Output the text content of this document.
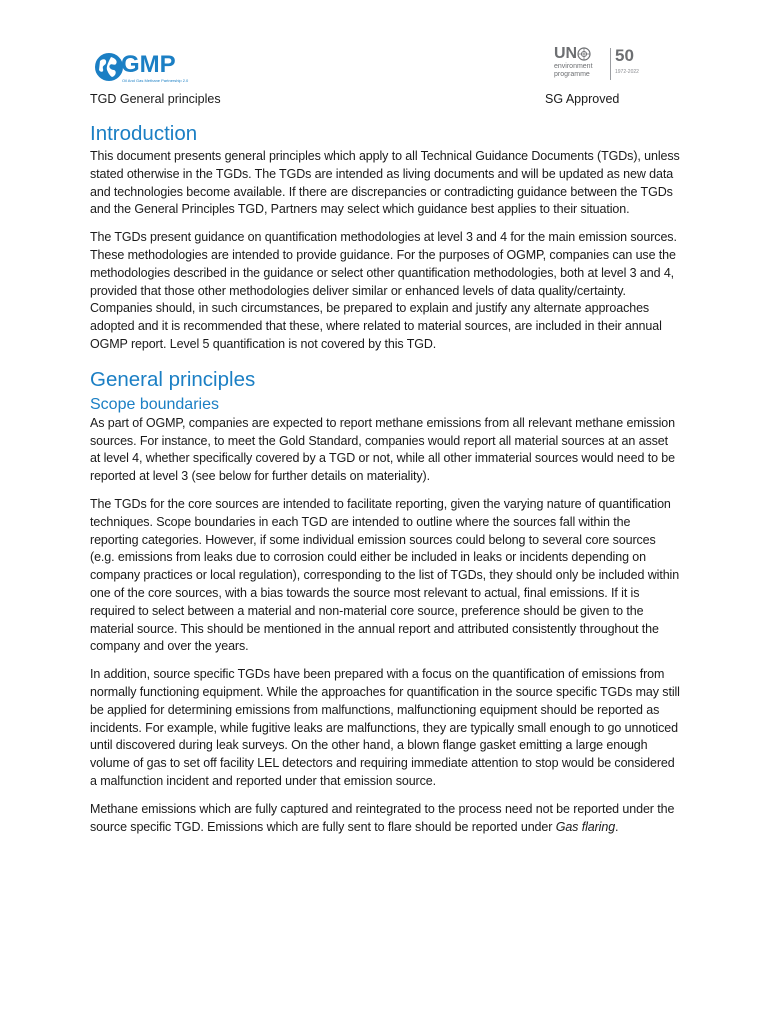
GMP
Oil And Gas Methane Partnership 2.0
UN
environment
programme
50
1972-2022
TGD General principles	SG Approved
Introduction

This document presents general principles which apply to all Technical Guidance Documents (TGDs), unless stated otherwise in the TGDs. The TGDs are intended as living documents and will be updated as new data and technologies become available. If there are discrepancies or contradicting guidance between the TGDs and the General Principles TGD, Partners may select which guidance best applies to their situation.

The TGDs present guidance on quantification methodologies at level 3 and 4 for the main emission sources. These methodologies are intended to provide guidance. For the purposes of OGMP, companies can use the methodologies described in the guidance or select other quantification methodologies, both at level 3 and 4, provided that those other methodologies deliver similar or enhanced levels of data quality/certainty. Companies should, in such circumstances, be prepared to explain and justify any alternate approaches adopted and it is recommended that these, where related to material sources, are included in their annual OGMP report. Level 5 quantification is not covered by this TGD.

General principles
Scope boundaries

As part of OGMP, companies are expected to report methane emissions from all relevant methane emission sources. For instance, to meet the Gold Standard, companies would report all material sources at an asset at level 4, whether specifically covered by a TGD or not, while all other immaterial sources would need to be reported at level 3 (see below for further details on materiality).

The TGDs for the core sources are intended to facilitate reporting, given the varying nature of quantification techniques. Scope boundaries in each TGD are intended to outline where the sources fall within the reporting categories. However, if some individual emission sources could belong to several core sources (e.g. emissions from leaks due to corrosion could either be included in leaks or incidents depending on company practices or local regulation), corresponding to the list of TGDs, they should only be included within one of the core sources, with a bias towards the source most relevant to actual, final emissions. If it is required to select between a material and non-material core source, preference should be given to the material source. This should be mentioned in the annual report and attributed consistently throughout the company and over the years.

In addition, source specific TGDs have been prepared with a focus on the quantification of emissions from normally functioning equipment. While the approaches for quantification in the source specific TGDs may still be applied for determining emissions from malfunctions, malfunctioning equipment should be reported as incidents. For example, while fugitive leaks are malfunctions, they are typically small enough to go unnoticed until discovered during leak surveys. On the other hand, a blown flange gasket emitting a large enough volume of gas to set off facility LEL detectors and requiring immediate attention to stop would be considered a malfunction incident and reported under that emission source.

Methane emissions which are fully captured and reintegrated to the process need not be reported under the source specific TGD. Emissions which are fully sent to flare should be reported under Gas flaring.
